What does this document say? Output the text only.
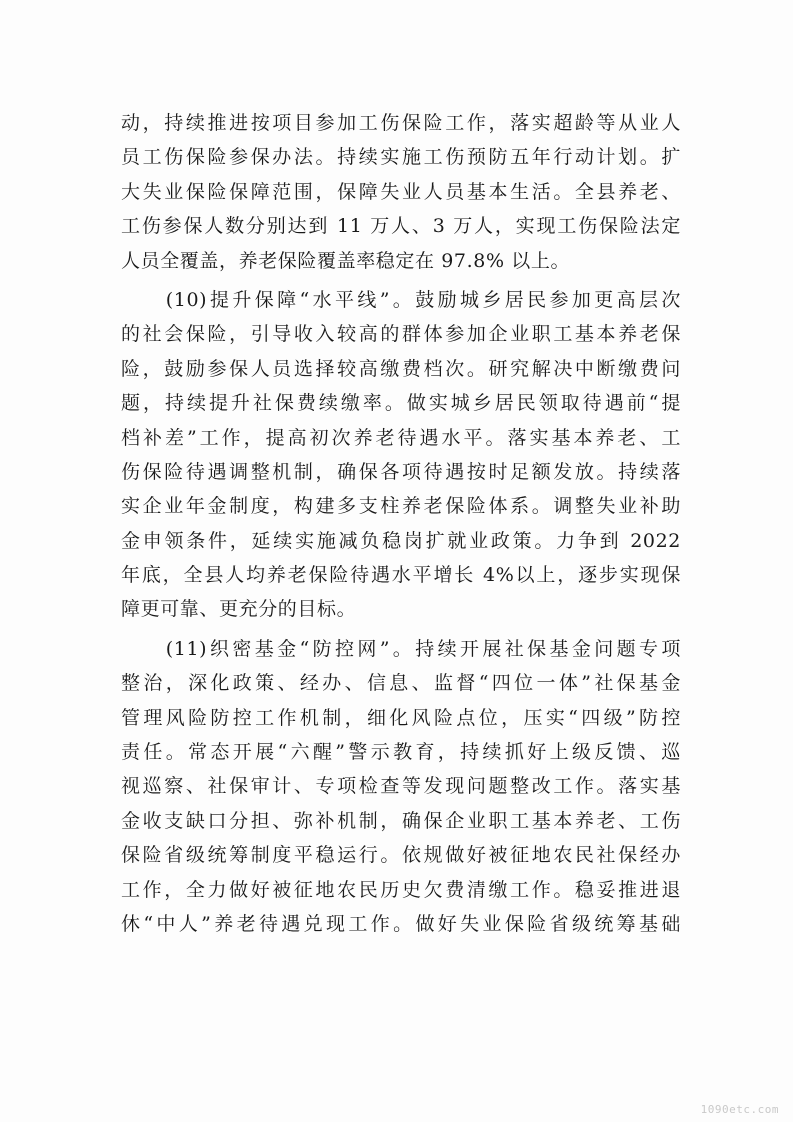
动，持续推进按项目参加工伤保险工作，落实超龄等从业人
员工伤保险参保办法。持续实施工伤预防五年行动计划。扩
大失业保险保障范围，保障失业人员基本生活。全县养老、
工伤参保人数分别达到 11 万人、3 万人，实现工伤保险法定
人员全覆盖，养老保险覆盖率稳定在 97.8% 以上。
　　(10)提升保障“水平线”。鼓励城乡居民参加更高层次
的社会保险，引导收入较高的群体参加企业职工基本养老保
险，鼓励参保人员选择较高缴费档次。研究解决中断缴费问
题，持续提升社保费续缴率。做实城乡居民领取待遇前“提
档补差”工作，提高初次养老待遇水平。落实基本养老、工
伤保险待遇调整机制，确保各项待遇按时足额发放。持续落
实企业年金制度，构建多支柱养老保险体系。调整失业补助
金申领条件，延续实施减负稳岗扩就业政策。力争到 2022
年底，全县人均养老保险待遇水平增长 4%以上，逐步实现保
障更可靠、更充分的目标。
　　(11)织密基金“防控网”。持续开展社保基金问题专项
整治，深化政策、经办、信息、监督“四位一体”社保基金
管理风险防控工作机制，细化风险点位，压实“四级”防控
责任。常态开展“六醒”警示教育，持续抓好上级反馈、巡
视巡察、社保审计、专项检查等发现问题整改工作。落实基
金收支缺口分担、弥补机制，确保企业职工基本养老、工伤
保险省级统筹制度平稳运行。依规做好被征地农民社保经办
工作，全力做好被征地农民历史欠费清缴工作。稳妥推进退
休“中人”养老待遇兑现工作。做好失业保险省级统筹基础
1090etc.com
